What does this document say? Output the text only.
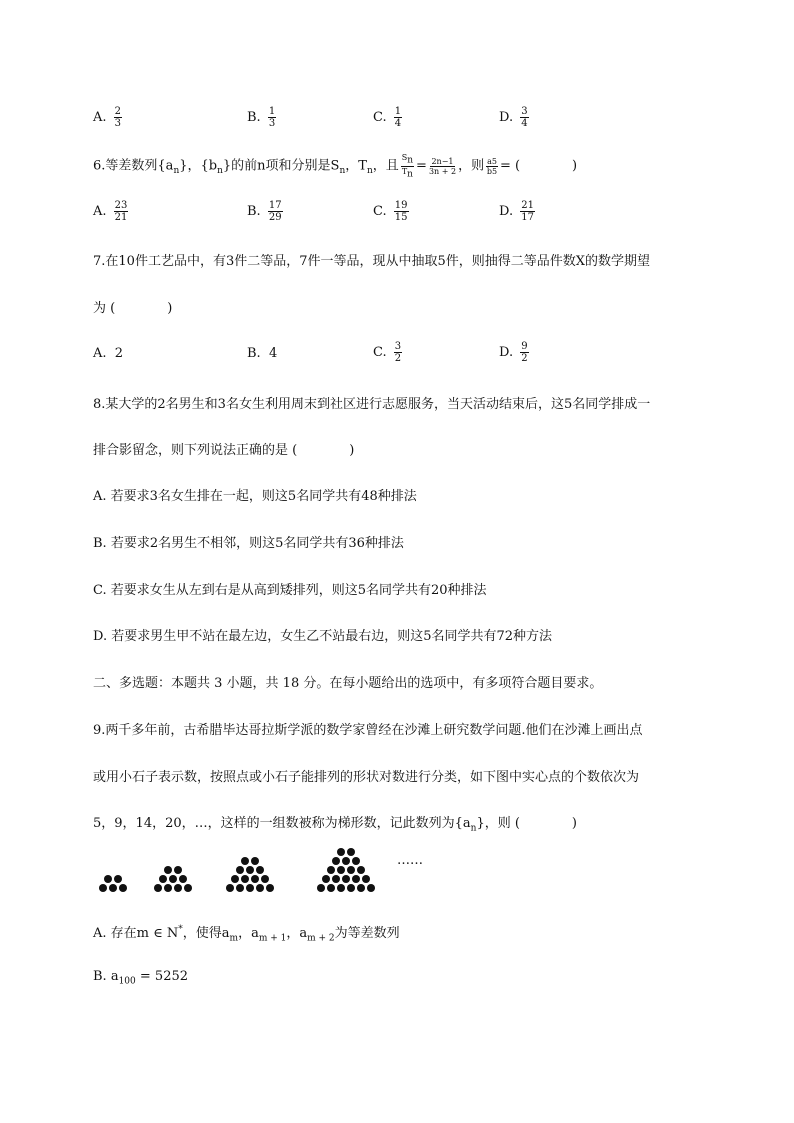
A. $\frac{2}{3}$	B. $\frac{1}{3}$	C. $\frac{1}{4}$	D. $\frac{3}{4}$
6.等差数列$\{a_n\}$，$\{b_n\}$的前n项和分别是$S_n$，$T_n$，且 $\frac{S_n}{T_n} = \frac{2n-1}{3n + 2}$ ，则 $\frac{a5}{b5}$ = (　　　　)
A. $\frac{23}{21}$	B. $\frac{17}{29}$	C. $\frac{19}{15}$	D. $\frac{21}{17}$
7.在10件工艺品中，有3件二等品，7件一等品，现从中抽取5件，则抽得二等品件数X的数学期望
为 (　　　　)
A. 2	B. 4	C. $\frac{3}{2}$	D. $\frac{9}{2}$
8.某大学的2名男生和3名女生利用周末到社区进行志愿服务，当天活动结束后，这5名同学排成一
排合影留念，则下列说法正确的是 (　　　　)
A. 若要求3名女生排在一起，则这5名同学共有48种排法
B. 若要求2名男生不相邻，则这5名同学共有36种排法
C. 若要求女生从左到右是从高到矮排列，则这5名同学共有20种排法
D. 若要求男生甲不站在最左边，女生乙不站最右边，则这5名同学共有72种方法
二、多选题：本题共 3 小题，共 18 分。在每小题给出的选项中，有多项符合题目要求。
9.两千多年前，古希腊毕达哥拉斯学派的数学家曾经在沙滩上研究数学问题.他们在沙滩上画出点
或用小石子表示数，按照点或小石子能排列的形状对数进行分类，如下图中实心点的个数依次为
5，9，14，20，…，这样的一组数被称为梯形数，记此数列为$\{a_n\}$，则 (　　　　)
……
A. 存在m ∈ N*，使得$a_m$，$a_{m + 1}$，$a_{m + 2}$为等差数列
B. $a_{100} = 5252$
